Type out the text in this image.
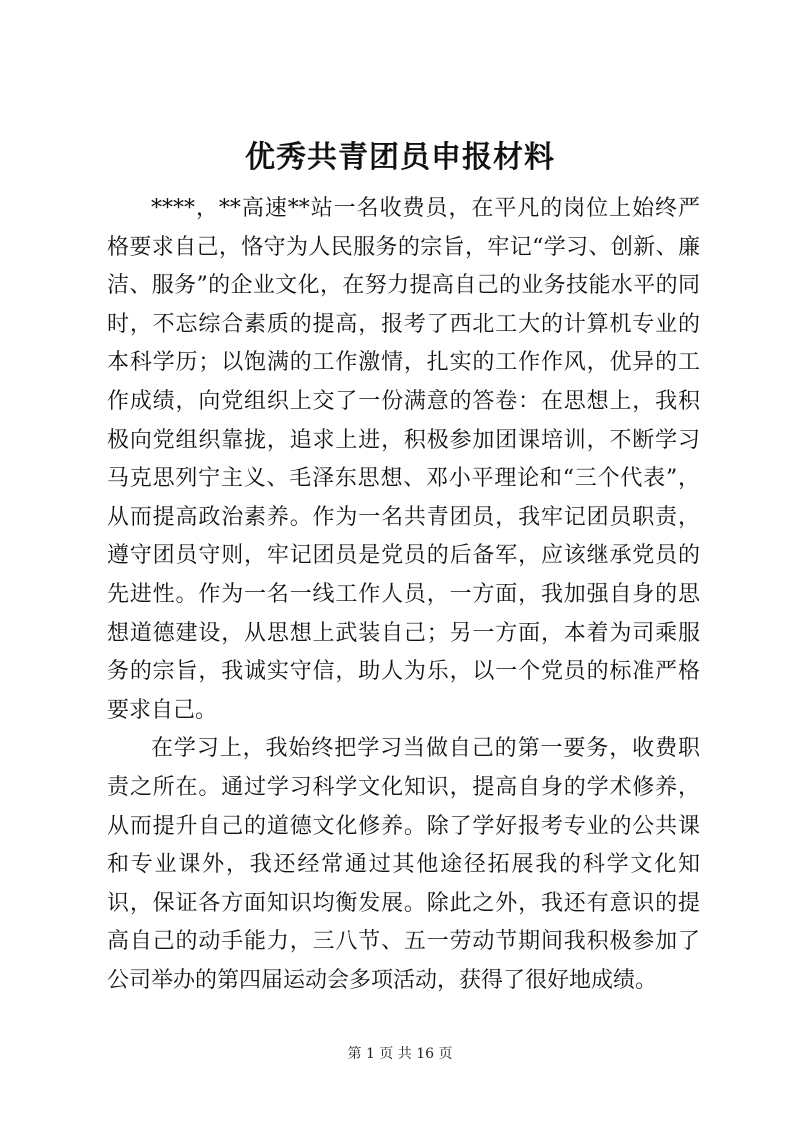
优秀共青团员申报材料

****，**高速**站一名收费员，在平凡的岗位上始终严格要求自己，恪守为人民服务的宗旨，牢记“学习、创新、廉洁、服务”的企业文化，在努力提高自己的业务技能水平的同时，不忘综合素质的提高，报考了西北工大的计算机专业的本科学历；以饱满的工作激情，扎实的工作作风，优异的工作成绩，向党组织上交了一份满意的答卷：在思想上，我积极向党组织靠拢，追求上进，积极参加团课培训，不断学习马克思列宁主义、毛泽东思想、邓小平理论和“三个代表”，从而提高政治素养。作为一名共青团员，我牢记团员职责，遵守团员守则，牢记团员是党员的后备军，应该继承党员的先进性。作为一名一线工作人员，一方面，我加强自身的思想道德建设，从思想上武装自己；另一方面，本着为司乘服务的宗旨，我诚实守信，助人为乐，以一个党员的标准严格要求自己。

在学习上，我始终把学习当做自己的第一要务，收费职责之所在。通过学习科学文化知识，提高自身的学术修养，从而提升自己的道德文化修养。除了学好报考专业的公共课和专业课外，我还经常通过其他途径拓展我的科学文化知识，保证各方面知识均衡发展。除此之外，我还有意识的提高自己的动手能力，三八节、五一劳动节期间我积极参加了公司举办的第四届运动会多项活动，获得了很好地成绩。

第 1 页 共 16 页
